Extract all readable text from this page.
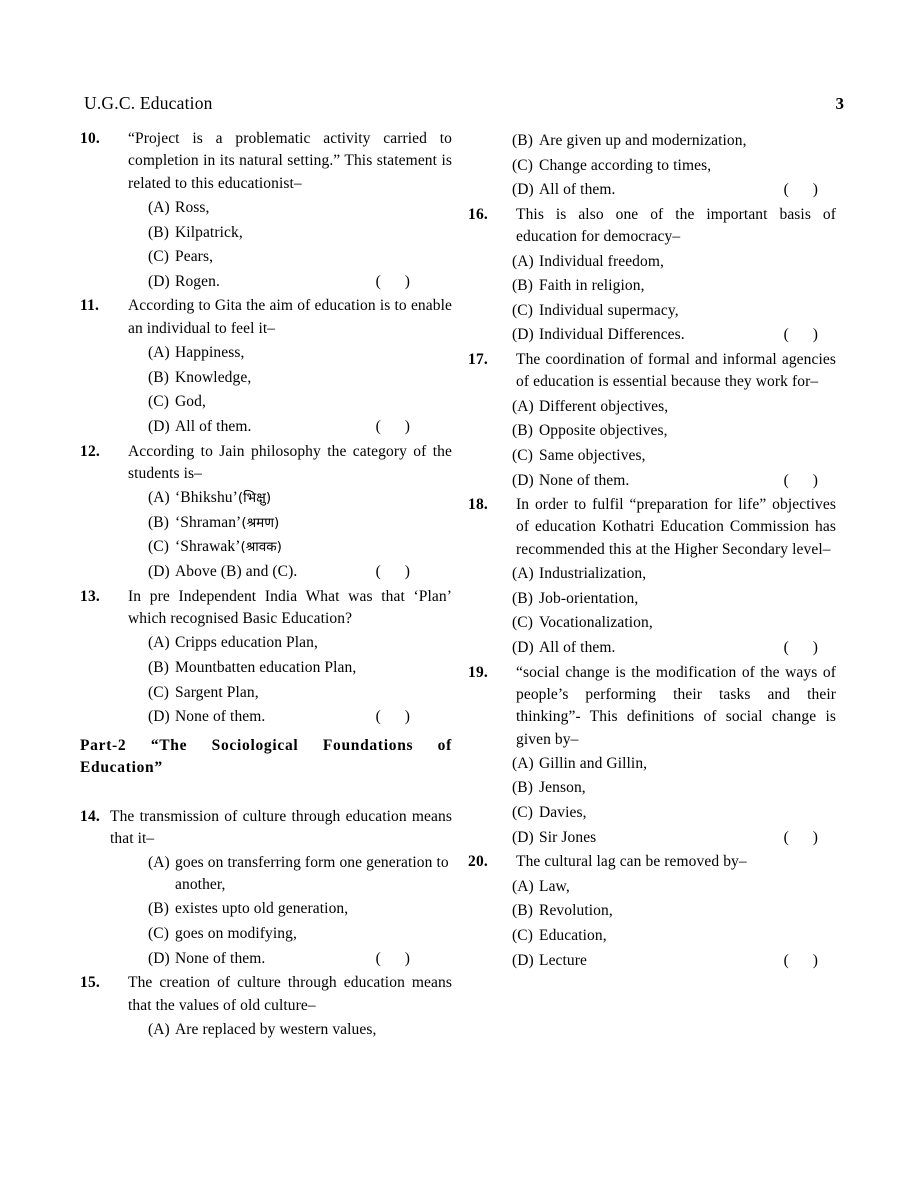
U.G.C. Education	3
10.	“Project is a problematic activity carried to completion in its natural setting.” This statement is related to this educationist–
(A) Ross,
(B) Kilpatrick,
(C) Pears,
(D) Rogen.	(      )
11.	According to Gita the aim of education is to enable an individual to feel it–
(A) Happiness,
(B) Knowledge,
(C) God,
(D) All of them.	(      )
12.	According to Jain philosophy the category of the students is–
(A) ‘Bhikshu’(भिक्षु)
(B) ‘Shraman’(श्रमण)
(C) ‘Shrawak’(श्रावक)
(D) Above (B) and (C).	(      )
13.	In pre Independent India What was that ‘Plan’ which recognised Basic Education?
(A) Cripps education Plan,
(B) Mountbatten education Plan,
(C) Sargent Plan,
(D) None of them.	(      )
Part-2 “The Sociological Foundations of Education”
14. The transmission of culture through education means that it–
(A) goes on transferring form one generation to another,
(B) existes upto old generation,
(C) goes on modifying,
(D) None of them.	(      )
15.	The creation of culture through education means that the values of old culture–
(A) Are replaced by western values,
(B) Are given up and modernization,
(C) Change according to times,
(D) All of them.	(      )
16.	This is also one of the important basis of education for democracy–
(A) Individual freedom,
(B) Faith in religion,
(C) Individual supermacy,
(D) Individual Differences.	(      )
17.	The coordination of formal and informal agencies of education is essential because they work for–
(A) Different objectives,
(B) Opposite objectives,
(C) Same objectives,
(D) None of them.	(      )
18.	In order to fulfil “preparation for life” objectives of education Kothatri Education Commission has recommended this at the Higher Secondary level–
(A) Industrialization,
(B) Job-orientation,
(C) Vocationalization,
(D) All of them.	(      )
19.	“social change is the modification of the ways of people’s performing their tasks and their thinking”- This definitions of social change is given by–
(A) Gillin and Gillin,
(B) Jenson,
(C) Davies,
(D) Sir Jones	(      )
20.	The cultural lag can be removed by–
(A) Law,
(B) Revolution,
(C) Education,
(D) Lecture	(      )
